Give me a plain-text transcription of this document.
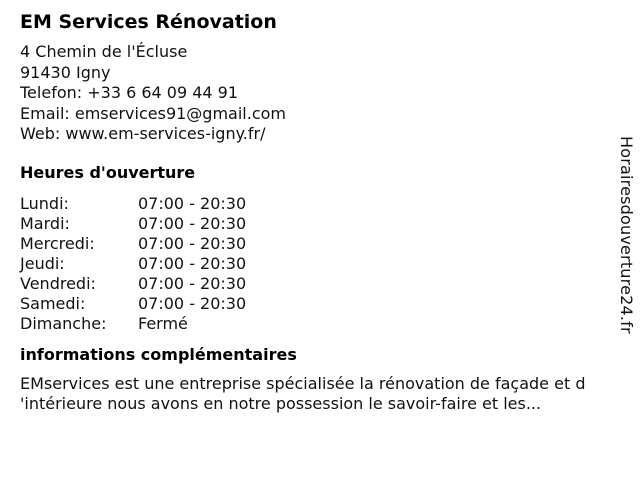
EM Services Rénovation
4 Chemin de l'Écluse
91430 Igny
Telefon: +33 6 64 09 44 91
Email: emservices91@gmail.com
Web: www.em-services-igny.fr/
Heures d'ouverture
Lundi:	07:00 - 20:30
Mardi:	07:00 - 20:30
Mercredi:	07:00 - 20:30
Jeudi:	07:00 - 20:30
Vendredi:	07:00 - 20:30
Samedi:	07:00 - 20:30
Dimanche:	Fermé
informations complémentaires
EMservices est une entreprise spécialisée la rénovation de façade et d
'intérieure nous avons en notre possession le savoir-faire et les...
Horairesdouverture24.fr
